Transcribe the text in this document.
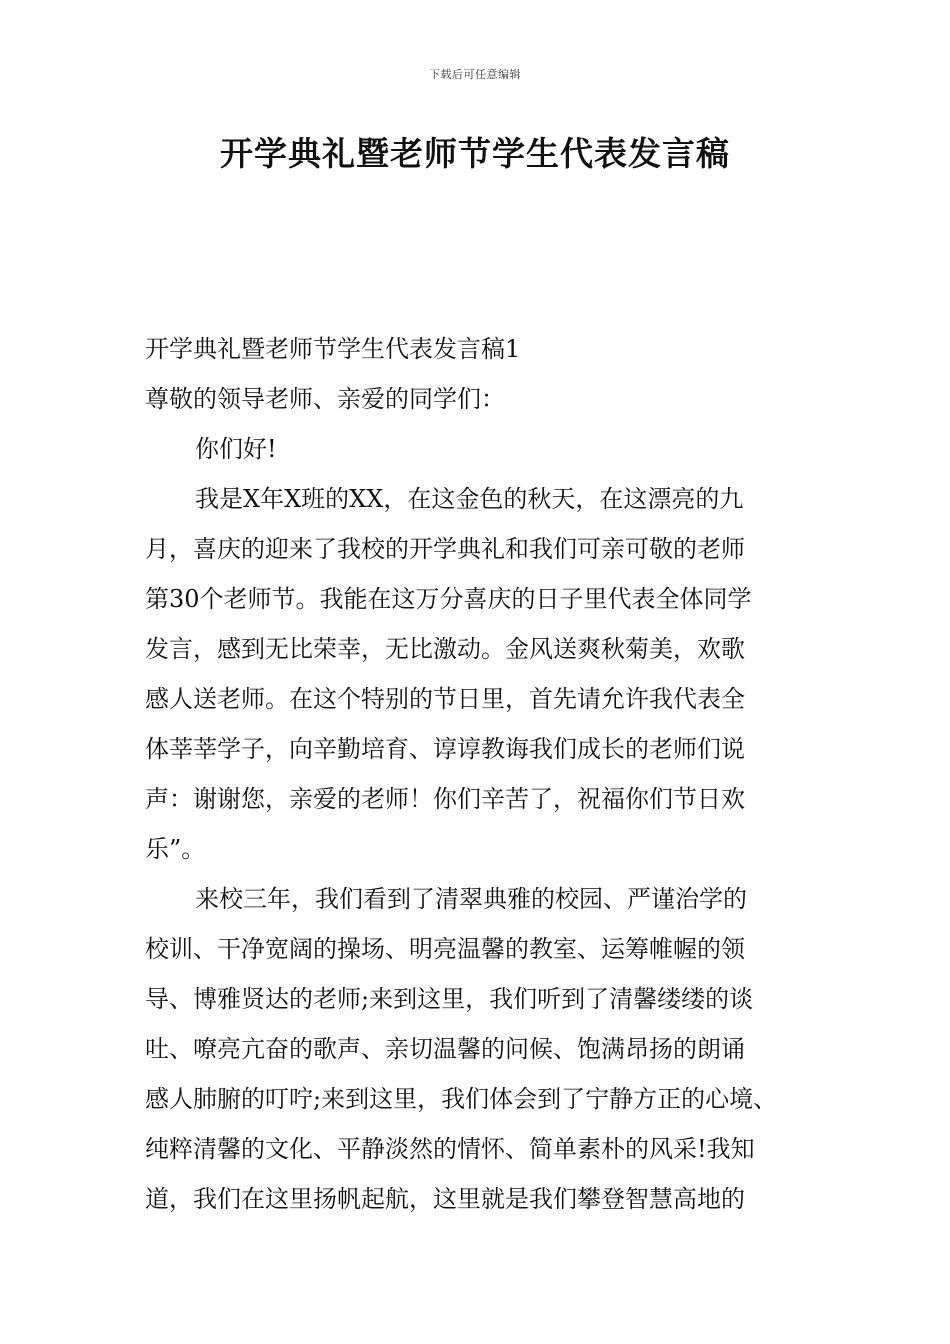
下载后可任意编辑
开学典礼暨老师节学生代表发言稿
开学典礼暨老师节学生代表发言稿1
尊敬的领导老师、亲爱的同学们：
你们好!
我是X年X班的XX，在这金色的秋天，在这漂亮的九
月，喜庆的迎来了我校的开学典礼和我们可亲可敬的老师
第30个老师节。我能在这万分喜庆的日子里代表全体同学
发言，感到无比荣幸，无比激动。金风送爽秋菊美，欢歌
感人送老师。在这个特别的节日里，首先请允许我代表全
体莘莘学子，向辛勤培育、谆谆教诲我们成长的老师们说
声：谢谢您，亲爱的老师！你们辛苦了，祝福你们节日欢
乐”。
来校三年，我们看到了清翠典雅的校园、严谨治学的
校训、干净宽阔的操场、明亮温馨的教室、运筹帷幄的领
导、博雅贤达的老师;来到这里，我们听到了清馨缕缕的谈
吐、嘹亮亢奋的歌声、亲切温馨的问候、饱满昂扬的朗诵
感人肺腑的叮咛;来到这里，我们体会到了宁静方正的心境、
纯粹清馨的文化、平静淡然的情怀、简单素朴的风采!我知
道，我们在这里扬帆起航，这里就是我们攀登智慧高地的
